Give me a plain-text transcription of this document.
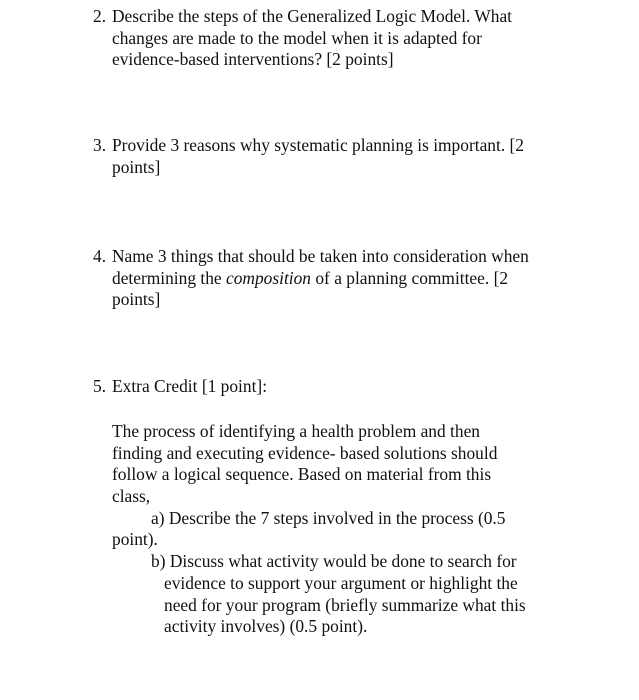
2. Describe the steps of the Generalized Logic Model. What
changes are made to the model when it is adapted for
evidence-based interventions? [2 points]
3. Provide 3 reasons why systematic planning is important. [2
points]
4. Name 3 things that should be taken into consideration when
determining the composition of a planning committee. [2
points]
5. Extra Credit [1 point]:
The process of identifying a health problem and then
finding and executing evidence- based solutions should
follow a logical sequence. Based on material from this
class,
a) Describe the 7 steps involved in the process (0.5
point).
b) Discuss what activity would be done to search for
evidence to support your argument or highlight the
need for your program (briefly summarize what this
activity involves) (0.5 point).
